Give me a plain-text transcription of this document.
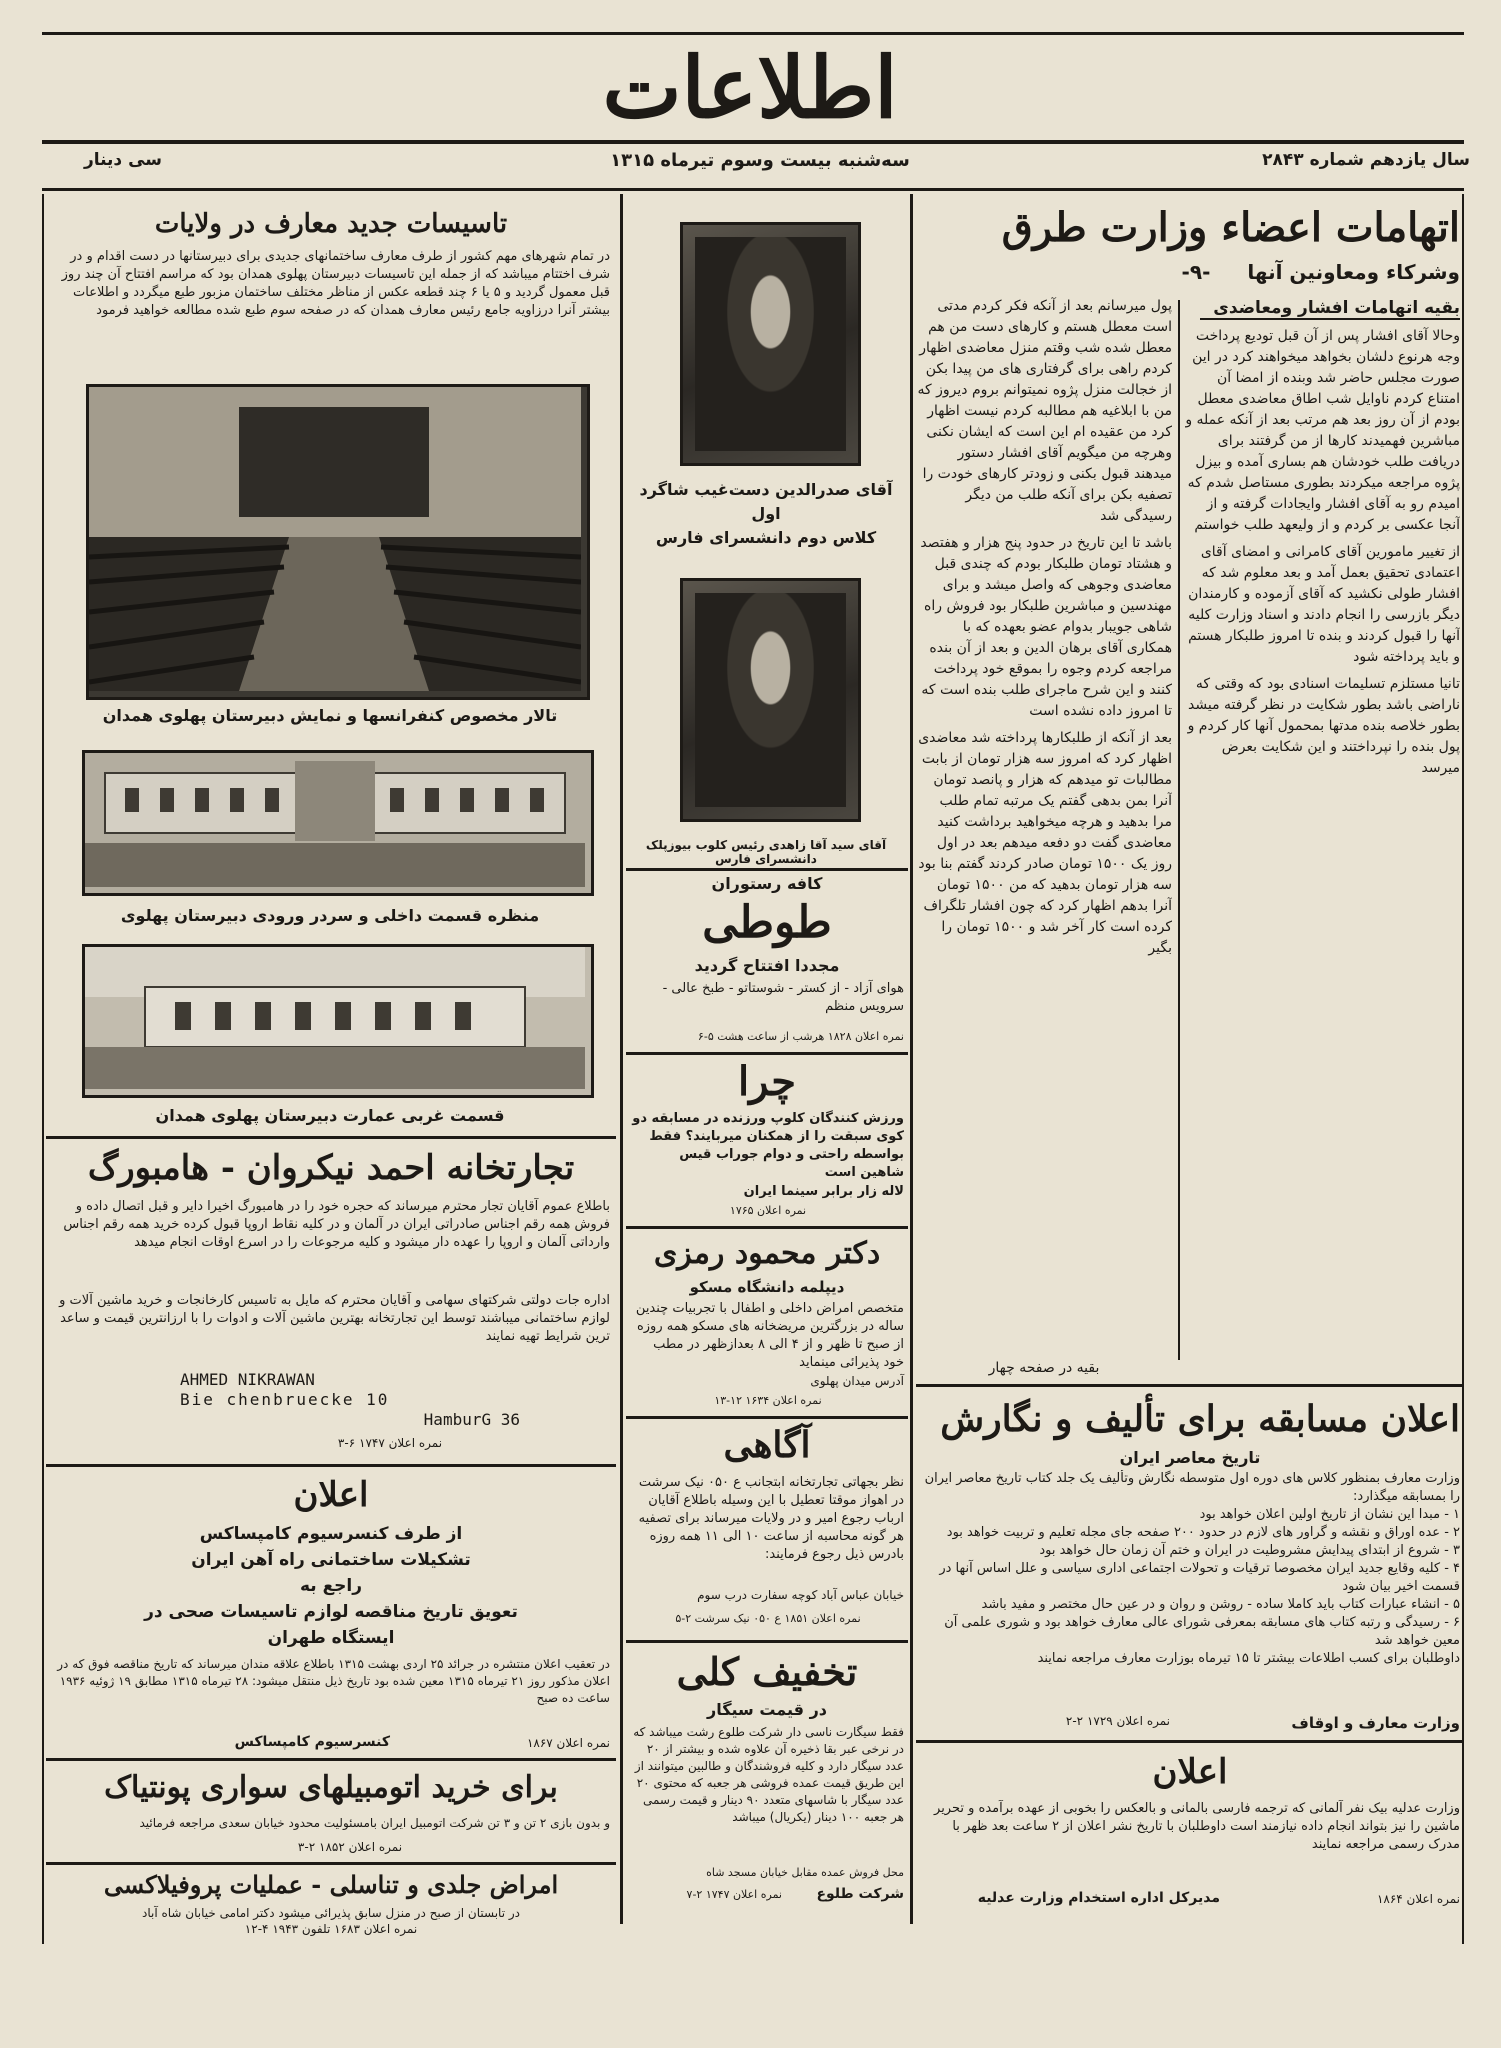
اطلاعات
سال یازدهم شماره ۲۸۴۳
سه‌شنبه بیست وسوم تیرماه ۱۳۱۵
سی دینار
اتهامات اعضاء وزارت طرق
وشرکاء ومعاونین آنها -۹-
بقیه اتهامات افشار ومعاضدی

وحالا آقای افشار پس از آن قبل تودیع پرداخت وجه هرنوع دلشان بخواهد میخواهند کرد در این صورت مجلس حاضر شد وبنده از امضا آن امتناع کردم ناوایل شب اطاق معاضدی معطل بودم از آن روز بعد هم مرتب بعد از آنکه عمله و مباشرین فهمیدند کارها از من گرفتند برای دریافت طلب خودشان هم بساری آمده و بیزل پژوه مراجعه میکردند بطوری مستاصل شدم که امیدم رو به آقای افشار وایجادات گرفته و از آنجا عکسی بر کردم و از ولیعهد طلب خواستم

از تغییر مامورین آقای کامرانی و امضای آقای اعتمادی تحقیق بعمل آمد و بعد معلوم شد که افشار طولی نکشید که آقای آزموده و کارمندان دیگر بازرسی را انجام دادند و اسناد وزارت کلیه آنها را قبول کردند و بنده تا امروز طلبکار هستم و باید پرداخته شود

تانیا مستلزم تسلیمات اسنادی بود که وقتی که ناراضی باشد بطور شکایت در نظر گرفته میشد بطور خلاصه بنده مدتها بمحمول آنها کار کردم و پول بنده را نپرداختند و این شکایت بعرض میرسد

پول میرسانم بعد از آنکه فکر کردم مدتی است معطل هستم و کارهای دست من هم معطل شده شب وقتم منزل معاضدی اظهار کردم راهی برای گرفتاری های من پیدا بکن از خجالت منزل پژوه نمیتوانم بروم دیروز که من با ابلاغیه هم مطالبه کردم نیست اظهار کرد من عقیده ام این است که ایشان نکنی وهرچه من میگویم آقای افشار دستور میدهند قبول بکنی و زودتر کارهای خودت را تصفیه بکن برای آنکه طلب من دیگر رسیدگی شد

باشد تا این تاریخ در حدود پنج هزار و هفتصد و هشتاد تومان طلبکار بودم که چندی قبل معاضدی وجوهی که واصل میشد و برای مهندسین و مباشرین طلبکار بود فروش راه شاهی جویبار بدوام عضو بعهده که با همکاری آقای برهان الدین و بعد از آن بنده مراجعه کردم وجوه را بموقع خود پرداخت کنند و این شرح ماجرای طلب بنده است که تا امروز داده نشده است

بعد از آنکه از طلبکارها پرداخته شد معاضدی اظهار کرد که امروز سه هزار تومان از بابت مطالبات تو میدهم که هزار و پانصد تومان آنرا بمن بدهی گفتم یک مرتبه تمام طلب مرا بدهید و هرچه میخواهید برداشت کنید معاضدی گفت دو دفعه میدهم بعد در اول روز یک ۱۵۰۰ تومان صادر کردند گفتم بنا بود سه هزار تومان بدهید که من ۱۵۰۰ تومان آنرا بدهم اظهار کرد که چون افشار تلگراف کرده است کار آخر شد و ۱۵۰۰ تومان را بگیر

بقیه در صفحه چهار
اعلان مسابقه برای تألیف و نگارش
تاریخ معاصر ایران

وزارت معارف بمنظور کلاس های دوره اول متوسطه نگارش وتألیف یک جلد کتاب تاریخ معاصر ایران را بمسابقه میگذارد:

۱ - مبدا این نشان از تاریخ اولین اعلان خواهد بود

۲ - عده اوراق و نقشه و گراور های لازم در حدود ۲۰۰ صفحه جای مجله تعلیم و تربیت خواهد بود

۳ - شروع از ابتدای پیدایش مشروطیت در ایران و ختم آن زمان حال خواهد بود

۴ - کلیه وقایع جدید ایران مخصوصا ترقیات و تحولات اجتماعی اداری سیاسی و علل اساس آنها در قسمت اخیر بیان شود

۵ - انشاء عبارات کتاب باید کاملا ساده - روشن و روان و در عین حال مختصر و مفید باشد

۶ - رسیدگی و رتبه کتاب های مسابقه بمعرفی شورای عالی معارف خواهد بود و شوری علمی آن معین خواهد شد

داوطلبان برای کسب اطلاعات بیشتر تا ۱۵ تیرماه بوزارت معارف مراجعه نمایند

وزارت معارف و اوقاف
نمره اعلان ۱۷۲۹ ۲-۲
اعلان
وزارت عدلیه بیک نفر آلمانی که ترجمه فارسی بالمانی و بالعکس را بخوبی از عهده برآمده و تحریر ماشین را نیز بتواند انجام داده نیازمند است داوطلبان با تاریخ نشر اعلان از ۲ ساعت بعد ظهر با مدرک رسمی مراجعه نمایند
مدیرکل اداره استخدام وزارت عدلیه	نمره اعلان ۱۸۶۴
آقای صدرالدین دست‌غیب شاگرد اول
کلاس دوم دانشسرای فارس
آقای سید آقا زاهدی رئیس کلوب بیوزپلک دانشسرای فارس
کافه رستوران
طوطی
مجددا افتتاح گردید
هوای آزاد - از کستر - شوستاتو - طبخ عالی - سرویس منظم
نمره اعلان ۱۸۲۸ هرشب از ساعت هشت ۵-۶
چرا
ورزش کنندگان کلوپ ورزنده در مسابقه دو کوی سبقت را از همکنان میربایند؟ فقط بواسطه راحتی و دوام جوراب قیس شاهین است
لاله زار برابر سینما ایران
نمره اعلان ۱۷۶۵
دکتر محمود رمزی
دیپلمه دانشگاه مسکو
متخصص امراض داخلی و اطفال با تجربیات چندین ساله در بزرگترین مریضخانه های مسکو همه روزه از صبح تا ظهر و از ۴ الی ۸ بعدازظهر در مطب خود پذیرائی مینماید
آدرس میدان پهلوی
نمره اعلان ۱۶۳۴ ۱۲-۱۳
آگاهی
نظر بجهاتی تجارتخانه ابتجانب ع ۰۵۰ نیک سرشت در اهواز موقتا تعطیل با این وسیله باطلاع آقایان ارباب رجوع امیر و در ولایات میرساند برای تصفیه هر گونه محاسبه از ساعت ۱۰ الی ۱۱ همه روزه بادرس ذیل رجوع فرمایند:
خیابان عباس آباد کوچه سفارت درب سوم
نمره اعلان ۱۸۵۱ ع ۰۵۰ نیک سرشت ۲-۵
تخفیف کلی
در قیمت سیگار
فقط سیگارت ناسی دار شرکت طلوع رشت میباشد که در نرخی عبر بقا ذخیره آن علاوه شده و بیشتر از ۲۰ عدد سیگار دارد و کلیه فروشندگان و طالبین میتوانند از این طریق قیمت عمده فروشی هر جعبه که محتوی ۲۰ عدد سیگار با شاسهای متعدد ۹۰ دینار و قیمت رسمی هر جعبه ۱۰۰ دینار (یکریال) میباشد
محل فروش عمده مقابل خیابان مسجد شاه
نمره اعلان ۱۷۴۷ ۲-۷	شرکت طلوع
تاسیسات جدید معارف در ولایات
در تمام شهرهای مهم کشور از طرف معارف ساختمانهای جدیدی برای دبیرستانها در دست اقدام و در شرف اختتام میباشد که از جمله این تاسیسات دبیرستان پهلوی همدان بود که مراسم افتتاح آن چند روز قبل معمول گردید و ۵ یا ۶ چند قطعه عکس از مناظر مختلف ساختمان مزبور طبع میگردد و اطلاعات بیشتر آنرا درزاویه جامع رئیس معارف همدان که در صفحه سوم طبع شده مطالعه خواهید فرمود
تالار مخصوص کنفرانسها و نمایش دبیرستان پهلوی همدان
منظره قسمت داخلی و سردر ورودی دبیرستان پهلوی
قسمت غربی عمارت دبیرستان پهلوی همدان
تجارتخانه احمد نیکروان - هامبورگ
باطلاع عموم آقایان تجار محترم میرساند که حجره خود را در هامبورگ اخیرا دایر و قبل اتصال داده و فروش همه رقم اجناس صادراتی ایران در آلمان و در کلیه نقاط اروپا قبول کرده خرید همه رقم اجناس وارداتی آلمان و اروپا را عهده دار میشود و کلیه مرجوعات را در اسرع اوقات انجام میدهد
اداره جات دولتی شرکتهای سهامی و آقایان محترم که مایل به تاسیس کارخانجات و خرید ماشین آلات و لوازم ساختمانی میباشند توسط این تجارتخانه بهترین ماشین آلات و ادوات را با ارزانترین قیمت و ساعد ترین شرایط تهیه نمایند
AHMED NIKRAWAN
Bie chenbruecke 10
HamburG 36
نمره اعلان ۱۷۴۷ ۶-۳
اعلان
از طرف کنسرسیوم کامپساکس
تشکیلات ساختمانی راه آهن ایران
راجع به
تعویق تاریخ مناقصه لوازم تاسیسات صحی در
ایستگاه طهران
در تعقیب اعلان منتشره در جرائد ۲۵ اردی بهشت ۱۳۱۵ باطلاع علاقه مندان میرساند که تاریخ مناقصه فوق که در اعلان مذکور روز ۲۱ تیرماه ۱۳۱۵ معین شده بود تاریخ ذیل منتقل میشود: ۲۸ تیرماه ۱۳۱۵ مطابق ۱۹ ژوئیه ۱۹۳۶ ساعت ده صبح
کنسرسیوم کامپساکس	نمره اعلان ۱۸۶۷
برای خرید اتومبیلهای سواری پونتیاک
و بدون بازی ۲ تن و ۳ تن شرکت اتومبیل ایران بامسئولیت محدود خیابان سعدی مراجعه فرمائید
نمره اعلان ۱۸۵۲ ۲-۳
امراض جلدی و تناسلی - عملیات پروفیلاکسی
در تابستان از صبح در منزل سابق پذیرائی میشود دکتر امامی خیابان شاه آباد
نمره اعلان ۱۶۸۳ تلفون ۱۹۴۳ ۴-۱۲
